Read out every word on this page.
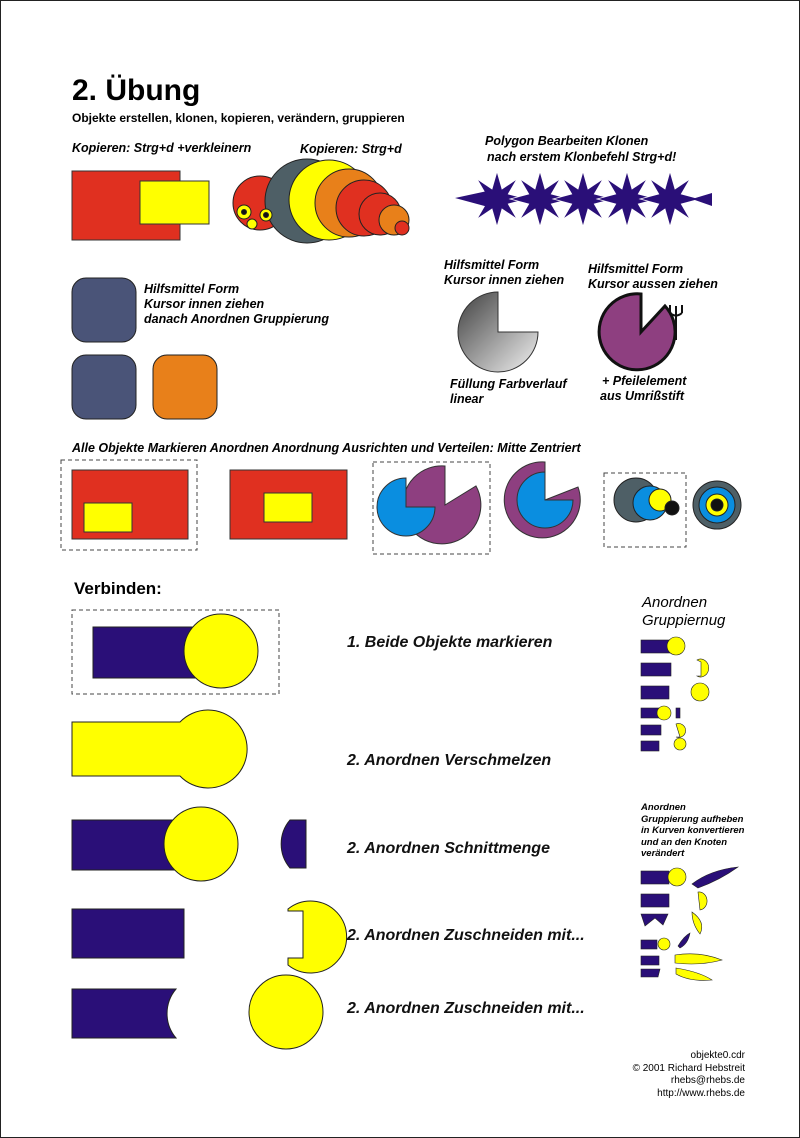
2. Übung
Objekte erstellen, klonen, kopieren, verändern, gruppieren
Kopieren: Strg+d +verkleinern	Kopieren: Strg+d
Polygon Bearbeiten Klonen
nach erstem Klonbefehl Strg+d!
Hilfsmittel Form
Kursor innen ziehen
danach Anordnen Gruppierung
Hilfsmittel Form
Kursor innen ziehen
Hilfsmittel Form
Kursor aussen ziehen
Füllung Farbverlauf
linear
+ Pfeilelement
aus Umrißstift
Alle Objekte Markieren Anordnen Anordnung Ausrichten und Verteilen: Mitte Zentriert
Verbinden:
1. Beide Objekte markieren
2. Anordnen Verschmelzen
2. Anordnen Schnittmenge
2. Anordnen Zuschneiden mit...
2. Anordnen Zuschneiden mit...
Anordnen
Gruppiernug
Anordnen
Gruppierung aufheben
in Kurven konvertieren
und an den Knoten
verändert
objekte0.cdr
© 2001 Richard Hebstreit
rhebs@rhebs.de
http://www.rhebs.de
